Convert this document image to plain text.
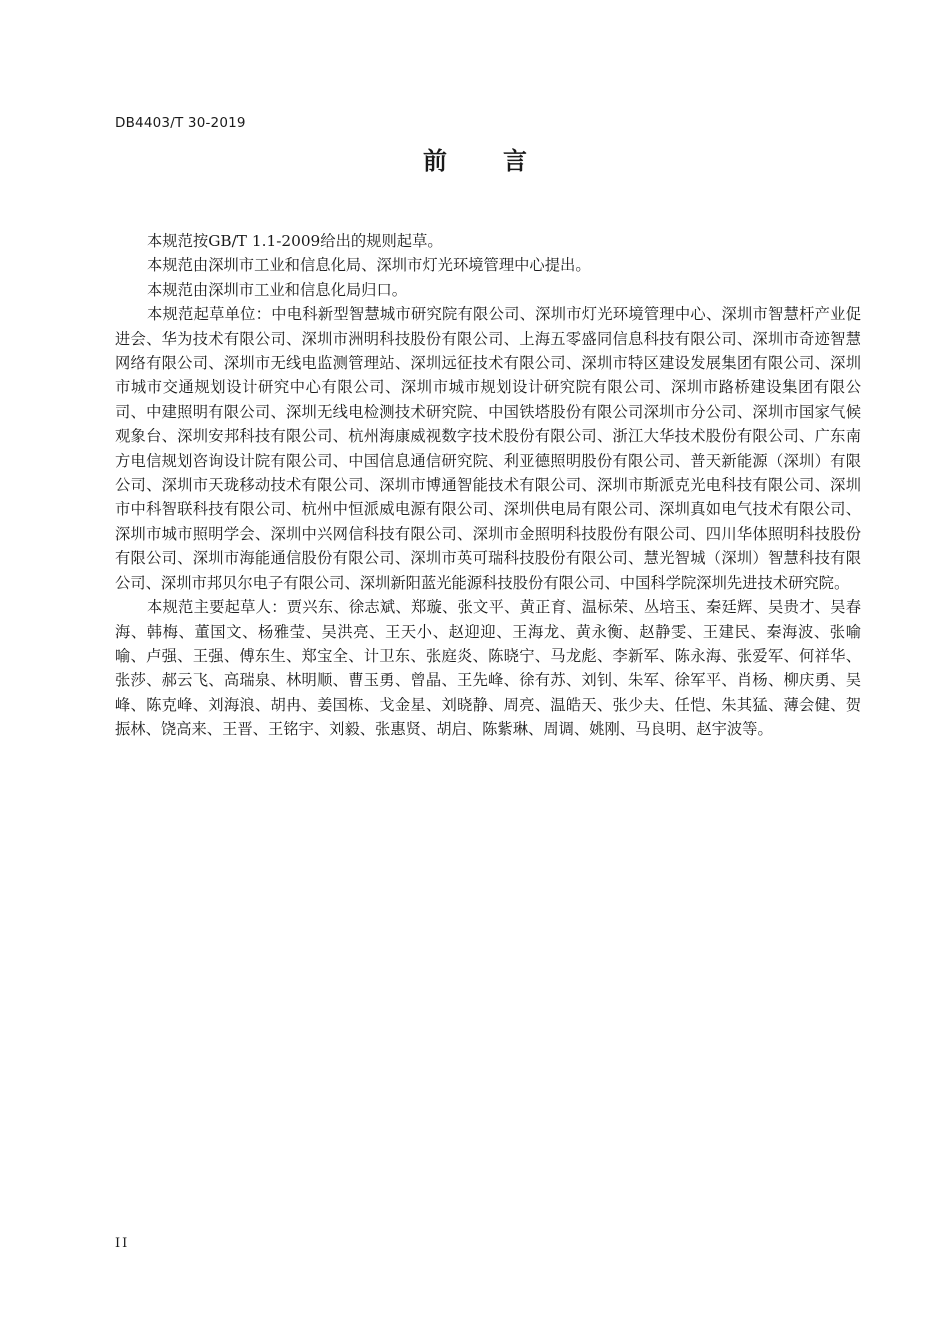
DB4403/T 30-2019
前言

本规范按GB/T 1.1-2009给出的规则起草。

本规范由深圳市工业和信息化局、深圳市灯光环境管理中心提出。

本规范由深圳市工业和信息化局归口。

本规范起草单位：中电科新型智慧城市研究院有限公司、深圳市灯光环境管理中心、深圳市智慧杆产业促进会、华为技术有限公司、深圳市洲明科技股份有限公司、上海五零盛同信息科技有限公司、深圳市奇迹智慧网络有限公司、深圳市无线电监测管理站、深圳远征技术有限公司、深圳市特区建设发展集团有限公司、深圳市城市交通规划设计研究中心有限公司、深圳市城市规划设计研究院有限公司、深圳市路桥建设集团有限公司、中建照明有限公司、深圳无线电检测技术研究院、中国铁塔股份有限公司深圳市分公司、深圳市国家气候观象台、深圳安邦科技有限公司、杭州海康威视数字技术股份有限公司、浙江大华技术股份有限公司、广东南方电信规划咨询设计院有限公司、中国信息通信研究院、利亚德照明股份有限公司、普天新能源（深圳）有限公司、深圳市天珑移动技术有限公司、深圳市博通智能技术有限公司、深圳市斯派克光电科技有限公司、深圳市中科智联科技有限公司、杭州中恒派威电源有限公司、深圳供电局有限公司、深圳真如电气技术有限公司、深圳市城市照明学会、深圳中兴网信科技有限公司、深圳市金照明科技股份有限公司、四川华体照明科技股份有限公司、深圳市海能通信股份有限公司、深圳市英可瑞科技股份有限公司、慧光智城（深圳）智慧科技有限公司、深圳市邦贝尔电子有限公司、深圳新阳蓝光能源科技股份有限公司、中国科学院深圳先进技术研究院。

本规范主要起草人：贾兴东、徐志斌、郑璇、张文平、黄正育、温标荣、丛培玉、秦廷辉、吴贵才、吴春海、韩梅、董国文、杨雅莹、吴洪亮、王天小、赵迎迎、王海龙、黄永衡、赵静雯、王建民、秦海波、张喻喻、卢强、王强、傅东生、郑宝全、计卫东、张庭炎、陈晓宁、马龙彪、李新军、陈永海、张爱军、何祥华、张莎、郝云飞、高瑞泉、林明顺、曹玉勇、曾晶、王先峰、徐有苏、刘钊、朱军、徐军平、肖杨、柳庆勇、吴峰、陈克峰、刘海浪、胡冉、姜国栋、戈金星、刘晓静、周亮、温皓天、张少夫、任恺、朱其猛、薄会健、贺振林、饶高来、王晋、王铭宇、刘毅、张惠贤、胡启、陈紫琳、周调、姚刚、马良明、赵宇波等。

II
